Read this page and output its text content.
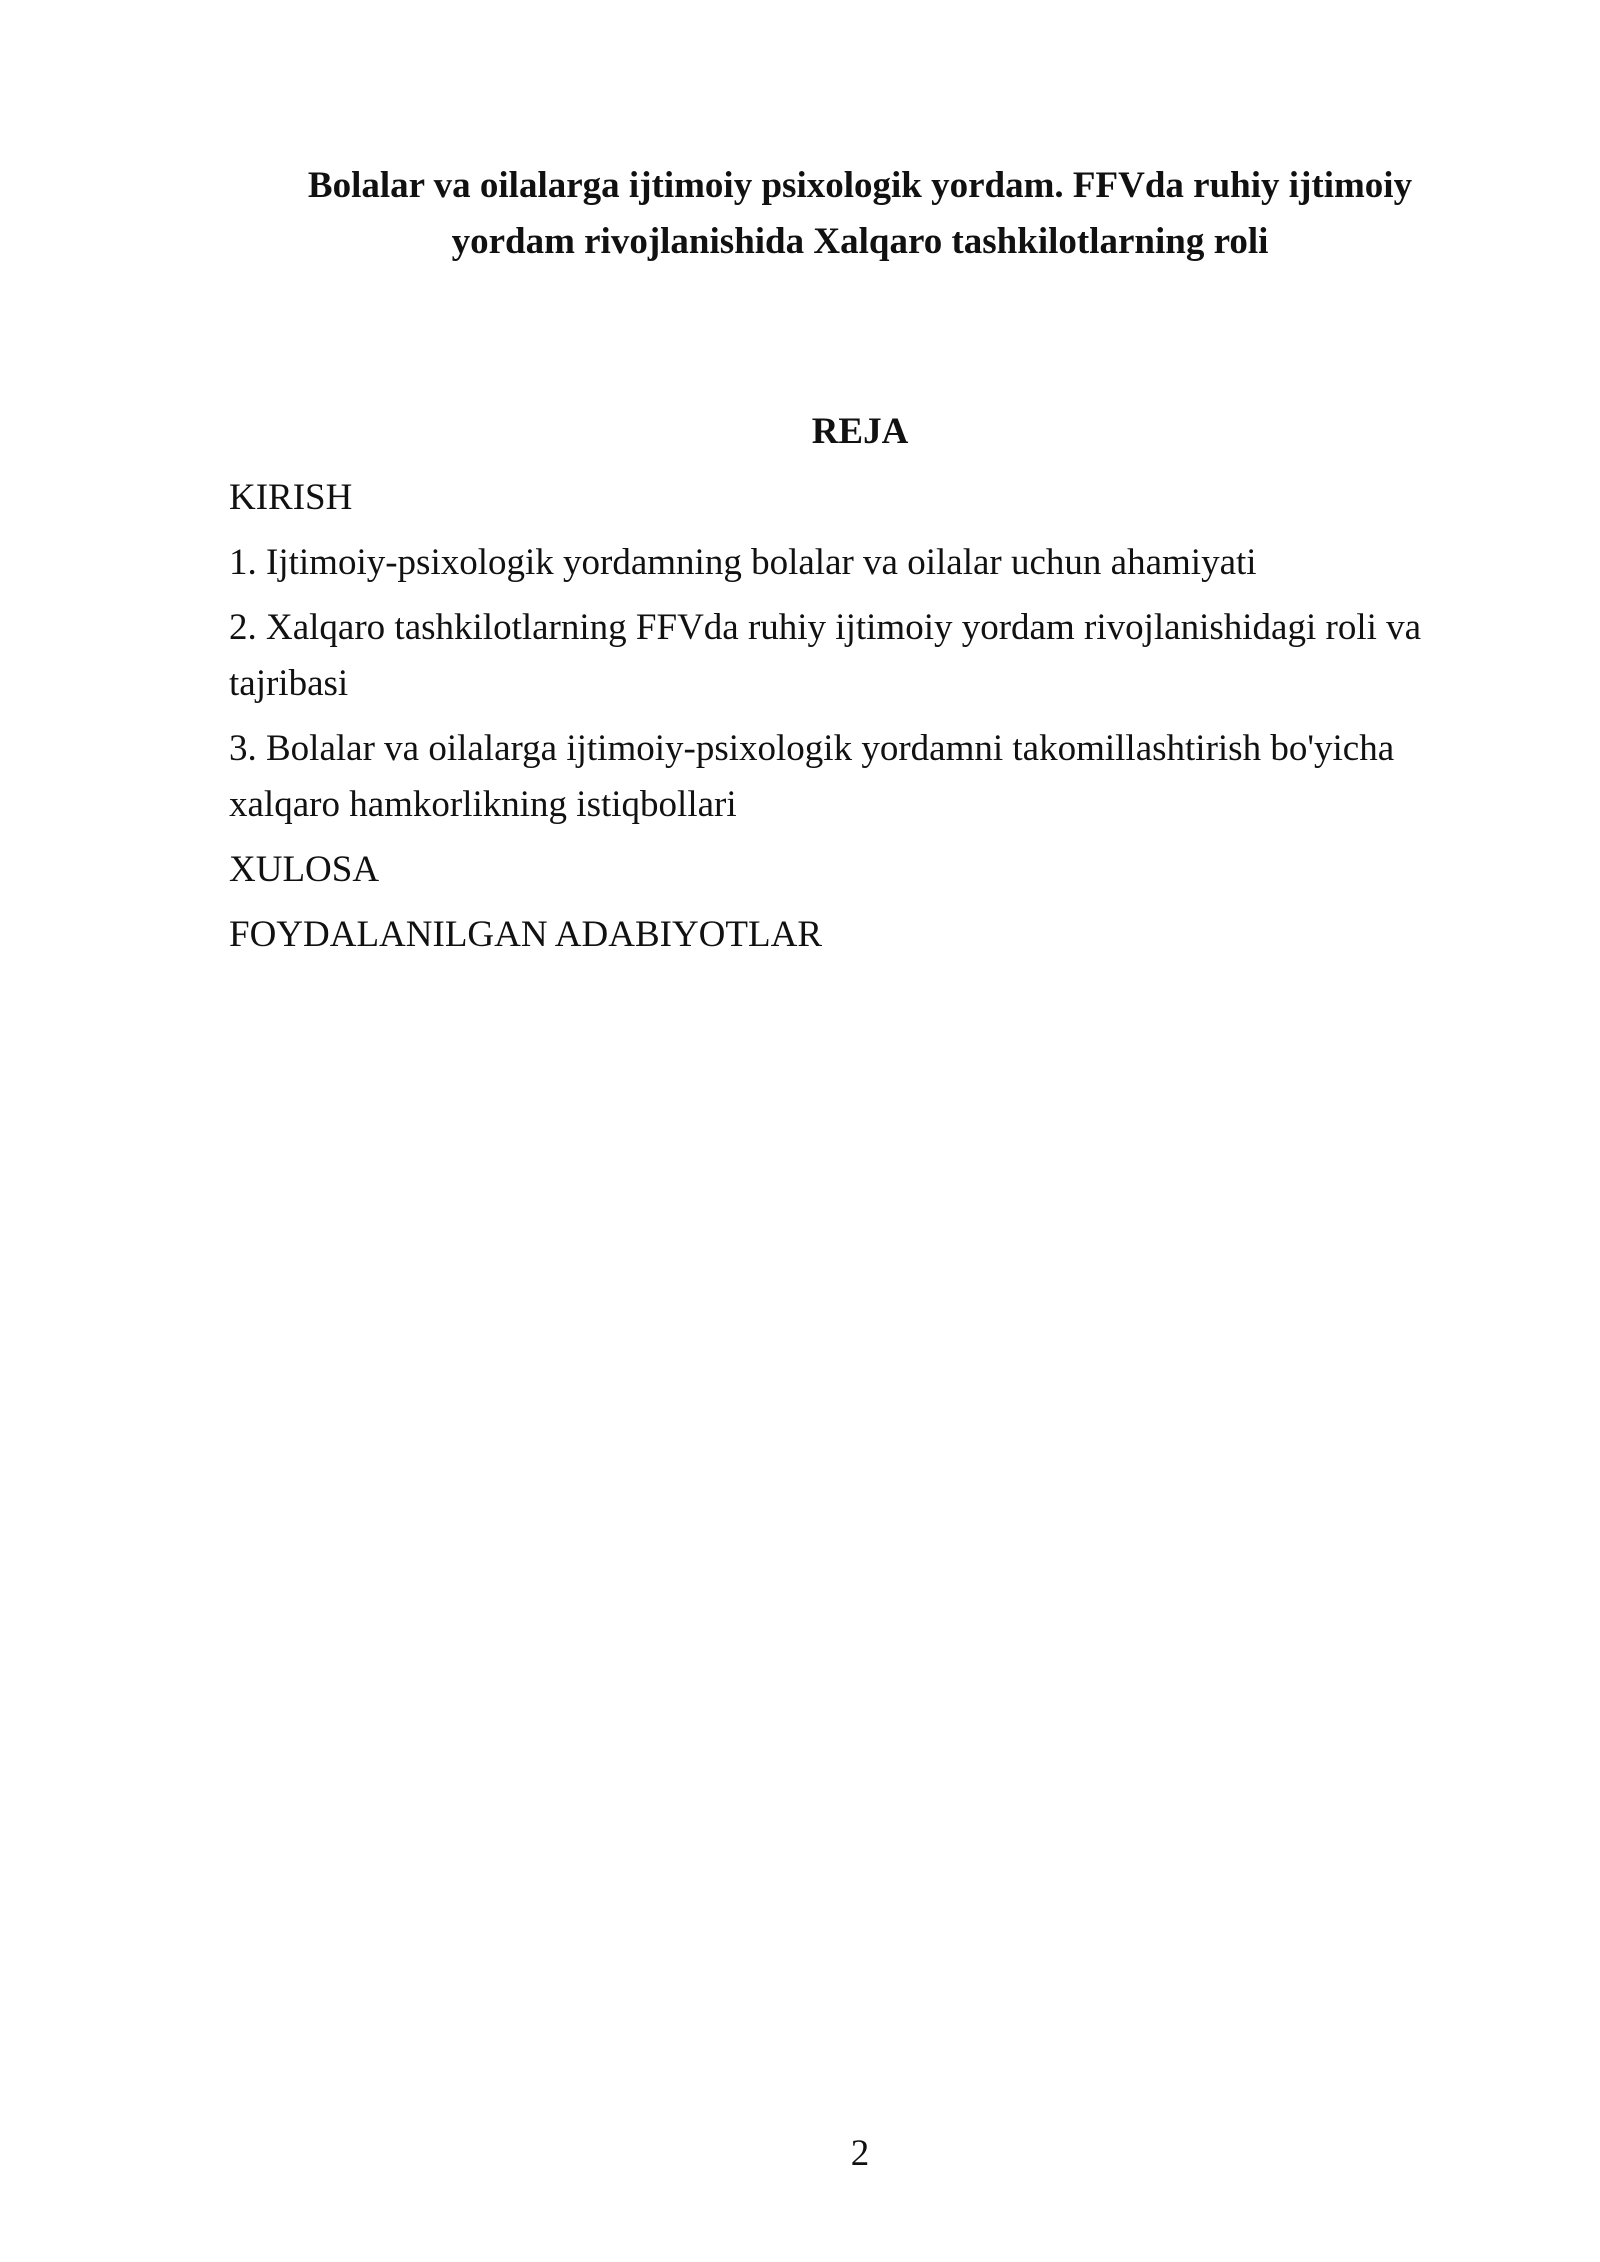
Bolalar va oilalarga ijtimoiy psixologik yordam. FFVda ruhiy ijtimoiy
yordam rivojlanishida Xalqaro tashkilotlarning roli
REJA
KIRISH
1. Ijtimoiy-psixologik yordamning bolalar va oilalar uchun ahamiyati
2. Xalqaro tashkilotlarning FFVda ruhiy ijtimoiy yordam rivojlanishidagi roli va tajribasi
3. Bolalar va oilalarga ijtimoiy-psixologik yordamni takomillashtirish bo'yicha xalqaro hamkorlikning istiqbollari
XULOSA
FOYDALANILGAN ADABIYOTLAR
2
